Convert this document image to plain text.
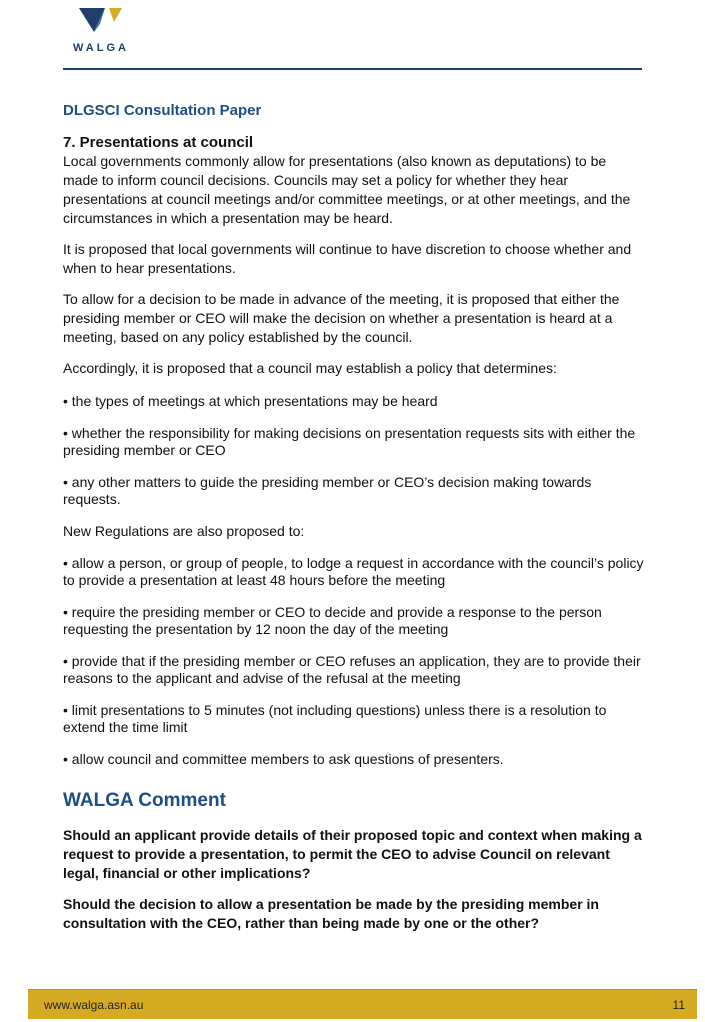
WALGA
DLGSCI Consultation Paper
7. Presentations at council

Local governments commonly allow for presentations (also known as deputations) to be made to inform council decisions. Councils may set a policy for whether they hear presentations at council meetings and/or committee meetings, or at other meetings, and the circumstances in which a presentation may be heard.

It is proposed that local governments will continue to have discretion to choose whether and when to hear presentations.

To allow for a decision to be made in advance of the meeting, it is proposed that either the presiding member or CEO will make the decision on whether a presentation is heard at a meeting, based on any policy established by the council.

Accordingly, it is proposed that a council may establish a policy that determines:

• the types of meetings at which presentations may be heard

• whether the responsibility for making decisions on presentation requests sits with either the presiding member or CEO

• any other matters to guide the presiding member or CEO’s decision making towards requests.

New Regulations are also proposed to:

• allow a person, or group of people, to lodge a request in accordance with the council’s policy to provide a presentation at least 48 hours before the meeting

• require the presiding member or CEO to decide and provide a response to the person requesting the presentation by 12 noon the day of the meeting

• provide that if the presiding member or CEO refuses an application, they are to provide their reasons to the applicant and advise of the refusal at the meeting

• limit presentations to 5 minutes (not including questions) unless there is a resolution to extend the time limit

• allow council and committee members to ask questions of presenters.

WALGA Comment

Should an applicant provide details of their proposed topic and context when making a request to provide a presentation, to permit the CEO to advise Council on relevant legal, financial or other implications?

Should the decision to allow a presentation be made by the presiding member in consultation with the CEO, rather than being made by one or the other?

www.walga.asn.au	11
